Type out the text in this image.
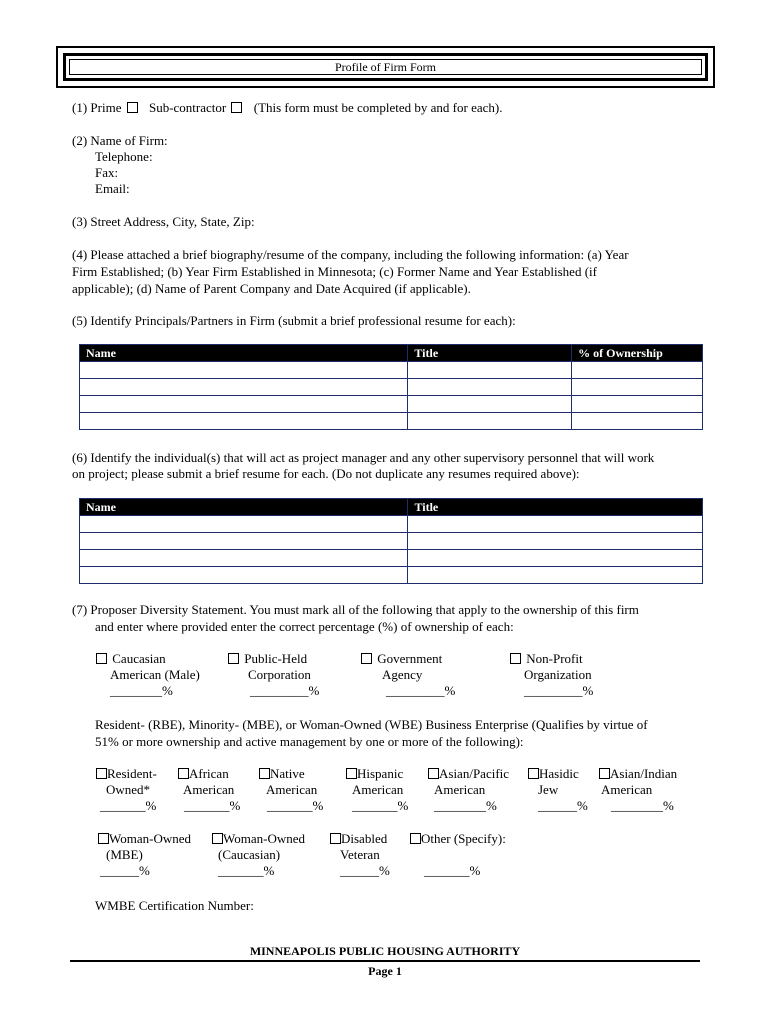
Profile of Firm Form
(1) Prime Sub-contractor (This form must be completed by and for each).
(2) Name of Firm:
Telephone:
Fax:
Email:
(3) Street Address, City, State, Zip:
(4) Please attached a brief biography/resume of the company, including the following information: (a) Year
Firm Established; (b) Year Firm Established in Minnesota; (c) Former Name and Year Established (if
applicable); (d) Name of Parent Company and Date Acquired (if applicable).
(5) Identify Principals/Partners in Firm (submit a brief professional resume for each):
Name	Title	% of Ownership

(6) Identify the individual(s) that will act as project manager and any other supervisory personnel that will work
on project; please submit a brief resume for each. (Do not duplicate any resumes required above):
Name	Title

(7) Proposer Diversity Statement. You must mark all of the following that apply to the ownership of this firm
and enter where provided enter the correct percentage (%) of ownership of each:
Caucasian
American (Male)
________%
Public-Held
Corporation
_________%
Government
Agency
_________%
Non-Profit
Organization
_________%
Resident- (RBE), Minority- (MBE), or Woman-Owned (WBE) Business Enterprise (Qualifies by virtue of
51% or more ownership and active management by one or more of the following):
Resident-
Owned*
_______%
African
American
_______%
Native
American
_______%
Hispanic
American
_______%
Asian/Pacific
American
________%
Hasidic
Jew
______%
Asian/Indian
American
________%
Woman-Owned
(MBE)
______%
Woman-Owned
(Caucasian)
_______%
Disabled
Veteran
______%
Other (Specify):

_______%
WMBE Certification Number:
MINNEAPOLIS PUBLIC HOUSING AUTHORITY
Page 1
